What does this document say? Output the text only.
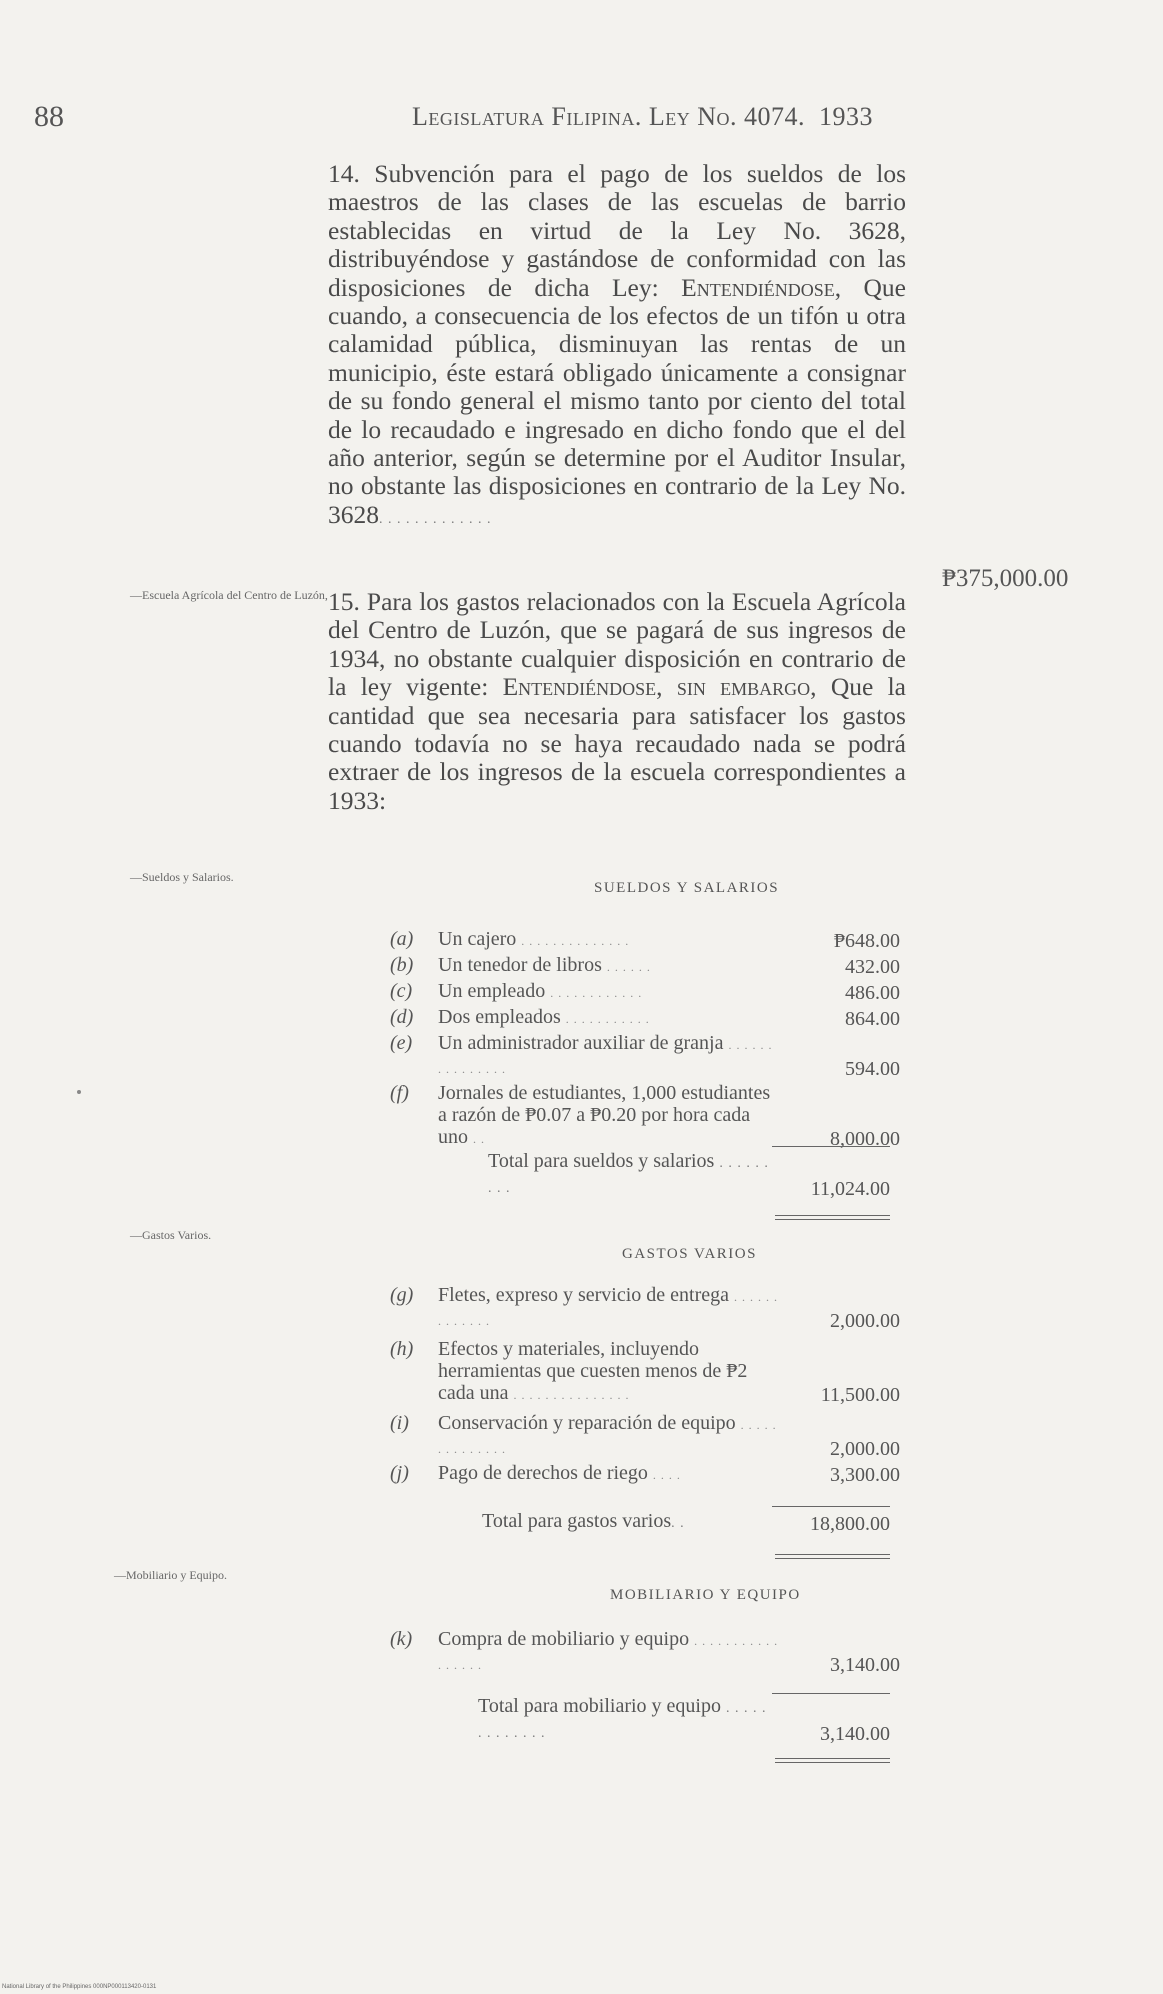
88	Legislatura Filipina. Ley No. 4074. 1933
14. Subvención para el pago de los sueldos de los maestros de las clases de las escuelas de barrio establecidas en virtud de la Ley No. 3628, distribuyéndose y gastándose de conformidad con las disposiciones de dicha Ley: Entendiéndose, Que cuando, a consecuencia de los efectos de un tifón u otra calamidad pública, disminuyan las rentas de un municipio, éste estará obligado únicamente a consignar de su fondo general el mismo tanto por ciento del total de lo recaudado e ingresado en dicho fondo que el del año anterior, según se determine por el Auditor Insular, no obstante las disposiciones en contrario de la Ley No. 3628. . . . . . . . . . . . .
₱375,000.00
—Escuela Agrícola del Centro de Luzón,
—Sueldos y Salarios.
—Gastos Varios.
—Mobiliario y Equipo.
15. Para los gastos relacionados con la Escuela Agrícola del Centro de Luzón, que se pagará de sus ingresos de 1934, no obstante cualquier disposición en contrario de la ley vigente: Entendiéndose, sin embargo, Que la cantidad que sea necesaria para satisfacer los gastos cuando todavía no se haya recaudado nada se podrá extraer de los ingresos de la escuela correspondientes a 1933:
SUELDOS Y SALARIOS
(a) Un cajero . . . . . . . . . . . . . .	₱648.00
(b) Un tenedor de libros . . . . . .	432.00
(c) Un empleado . . . . . . . . . . . .	486.00
(d) Dos empleados . . . . . . . . . . .	864.00
(e) Un administrador auxiliar de granja . . . . . . . . . . . . . . .	594.00
(f) Jornales de estudiantes, 1,000 estudiantes a razón de ₱0.07 a ₱0.20 por hora cada uno . .	8,000.00
Total para sueldos y salarios . . . . . . . . .	11,024.00
GASTOS VARIOS
(g) Fletes, expreso y servicio de entrega . . . . . . . . . . . . .	2,000.00
(h) Efectos y materiales, incluyendo herramientas que cuesten menos de ₱2 cada una . . . . . . . . . . . . . . .	11,500.00
(i) Conservación y reparación de equipo . . . . . . . . . . . . . .	2,000.00
(j) Pago de derechos de riego . . . .	3,300.00
Total para gastos varios. .	18,800.00
MOBILIARIO Y EQUIPO
(k) Compra de mobiliario y equipo . . . . . . . . . . . . . . . . .	3,140.00
Total para mobiliario y equipo . . . . . . . . . . . . .	3,140.00
National Library of the Philippines 000NP000113420-0131
